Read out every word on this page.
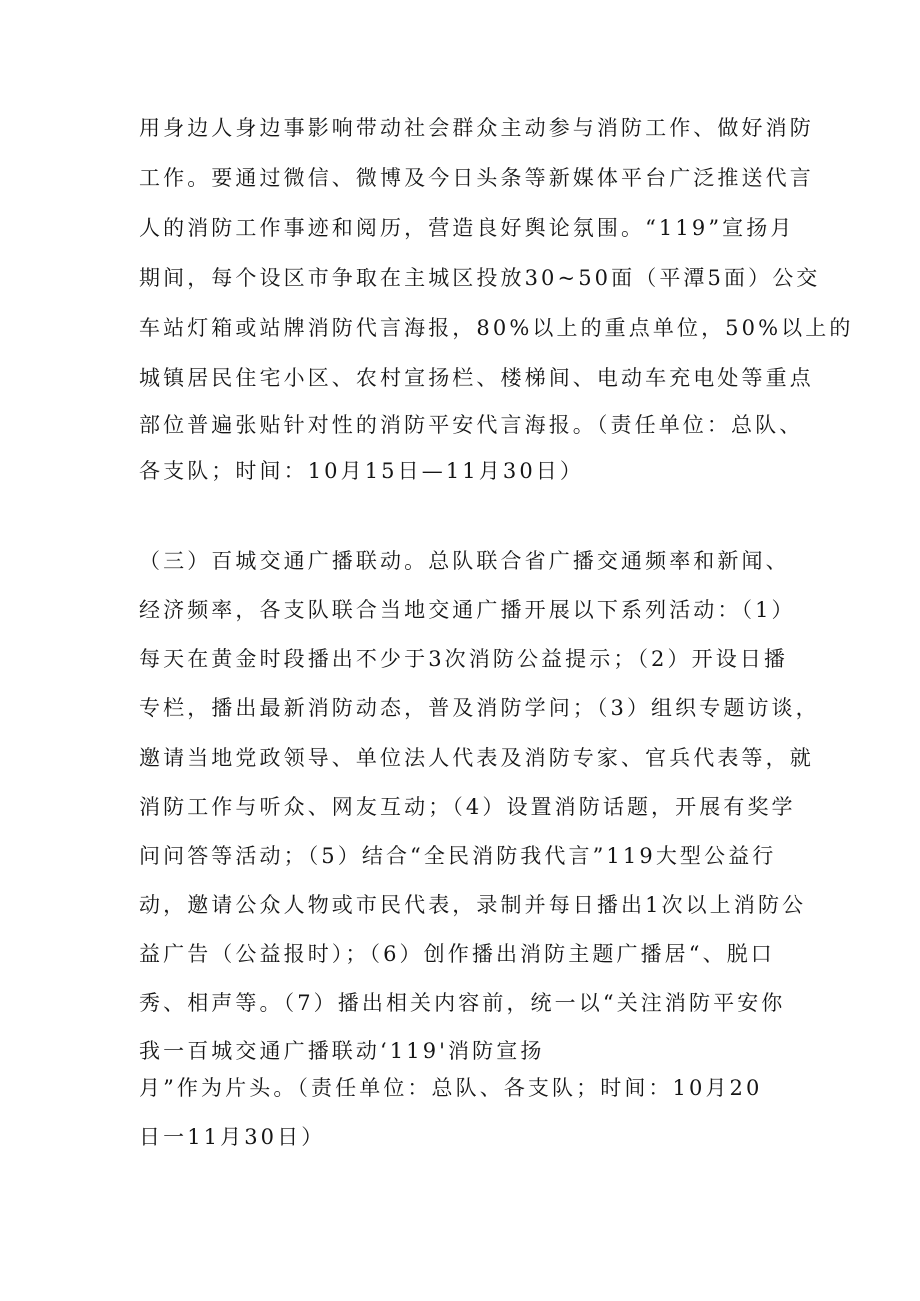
用身边人身边事影响带动社会群众主动参与消防工作、做好消防
工作。要通过微信、微博及今日头条等新媒体平台广泛推送代言
人的消防工作事迹和阅历，营造良好舆论氛围。“119”宣扬月
期间，每个设区市争取在主城区投放30~50面（平潭5面）公交
车站灯箱或站牌消防代言海报，80%以上的重点单位，50%以上的
城镇居民住宅小区、农村宣扬栏、楼梯间、电动车充电处等重点
部位普遍张贴针对性的消防平安代言海报。（责任单位：总队、
各支队；时间：10月15日—11月30日）
（三）百城交通广播联动。总队联合省广播交通频率和新闻、
经济频率，各支队联合当地交通广播开展以下系列活动：（1）
每天在黄金时段播出不少于3次消防公益提示；（2）开设日播
专栏，播出最新消防动态，普及消防学问；（3）组织专题访谈，
邀请当地党政领导、单位法人代表及消防专家、官兵代表等，就
消防工作与听众、网友互动；（4）设置消防话题，开展有奖学
问问答等活动；（5）结合“全民消防我代言”119大型公益行
动，邀请公众人物或市民代表，录制并每日播出1次以上消防公
益广告（公益报时）；（6）创作播出消防主题广播居“、脱口
秀、相声等。（7）播出相关内容前，统一以“关注消防平安你
我一百城交通广播联动‘119'消防宣扬
月”作为片头。（责任单位：总队、各支队；时间：10月20
日一11月30日）
